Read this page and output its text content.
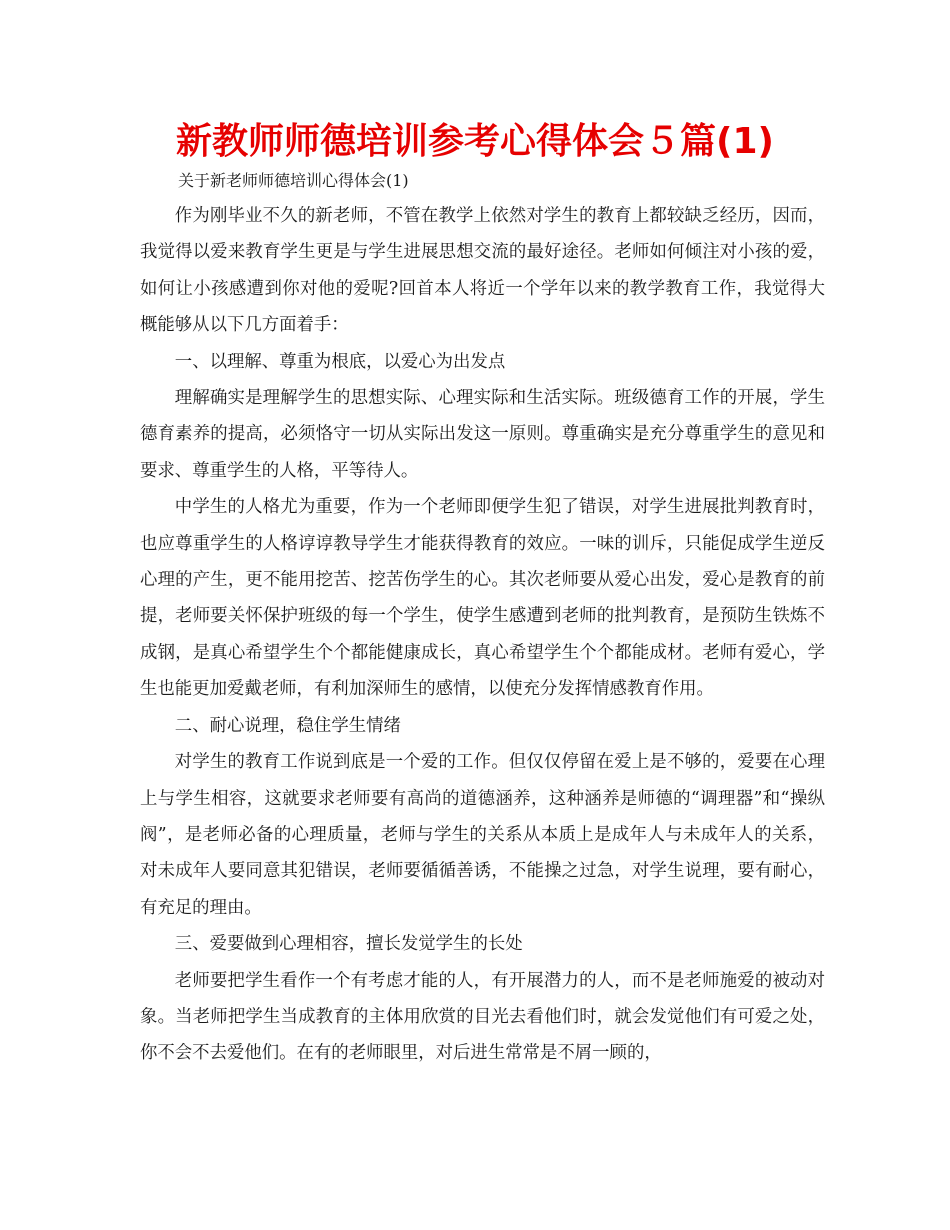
新教师师德培训参考心得体会５篇(1)

关于新老师师德培训心得体会(1)

作为刚毕业不久的新老师，不管在教学上依然对学生的教育上都较缺乏经历，因而，我觉得以爱来教育学生更是与学生进展思想交流的最好途径。老师如何倾注对小孩的爱，如何让小孩感遭到你对他的爱呢?回首本人将近一个学年以来的教学教育工作，我觉得大概能够从以下几方面着手：

一、以理解、尊重为根底，以爱心为出发点

理解确实是理解学生的思想实际、心理实际和生活实际。班级德育工作的开展，学生德育素养的提高，必须恪守一切从实际出发这一原则。尊重确实是充分尊重学生的意见和要求、尊重学生的人格，平等待人。

中学生的人格尤为重要，作为一个老师即便学生犯了错误，对学生进展批判教育时，也应尊重学生的人格谆谆教导学生才能获得教育的效应。一味的训斥，只能促成学生逆反心理的产生，更不能用挖苦、挖苦伤学生的心。其次老师要从爱心出发，爱心是教育的前提，老师要关怀保护班级的每一个学生，使学生感遭到老师的批判教育，是预防生铁炼不成钢，是真心希望学生个个都能健康成长，真心希望学生个个都能成材。老师有爱心，学生也能更加爱戴老师，有利加深师生的感情，以使充分发挥情感教育作用。

二、耐心说理，稳住学生情绪

对学生的教育工作说到底是一个爱的工作。但仅仅停留在爱上是不够的，爱要在心理上与学生相容，这就要求老师要有高尚的道德涵养，这种涵养是师德的“调理器”和“操纵阀”，是老师必备的心理质量，老师与学生的关系从本质上是成年人与未成年人的关系，对未成年人要同意其犯错误，老师要循循善诱，不能操之过急，对学生说理，要有耐心，有充足的理由。

三、爱要做到心理相容，擅长发觉学生的长处

老师要把学生看作一个有考虑才能的人，有开展潜力的人，而不是老师施爱的被动对象。当老师把学生当成教育的主体用欣赏的目光去看他们时，就会发觉他们有可爱之处，你不会不去爱他们。在有的老师眼里，对后进生常常是不屑一顾的，
